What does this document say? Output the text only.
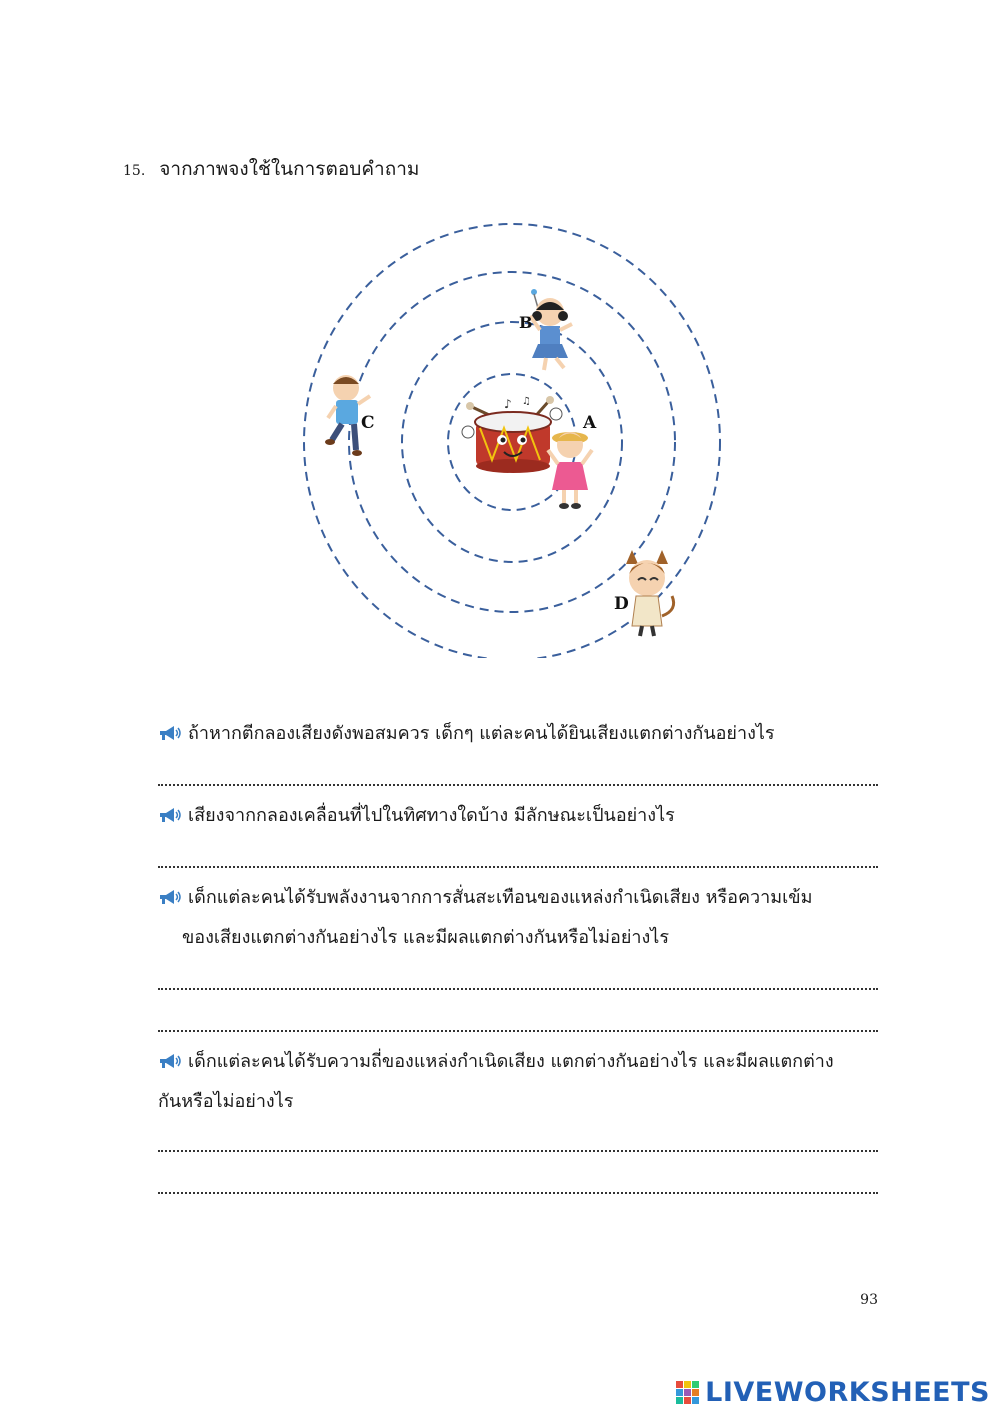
15. จากภาพจงใช้ในการตอบคำถาม
♪ ♫
A
B
C
D
ถ้าหากตีกลองเสียงดังพอสมควร เด็กๆ แต่ละคนได้ยินเสียงแตกต่างกันอย่างไร
เสียงจากกลองเคลื่อนที่ไปในทิศทางใดบ้าง มีลักษณะเป็นอย่างไร
เด็กแต่ละคนได้รับพลังงานจากการสั่นสะเทือนของแหล่งกำเนิดเสียง หรือความเข้ม
ของเสียงแตกต่างกันอย่างไร และมีผลแตกต่างกันหรือไม่อย่างไร
เด็กแต่ละคนได้รับความถี่ของแหล่งกำเนิดเสียง แตกต่างกันอย่างไร และมีผลแตกต่าง
กันหรือไม่อย่างไร
93
LIVEWORKSHEETS
